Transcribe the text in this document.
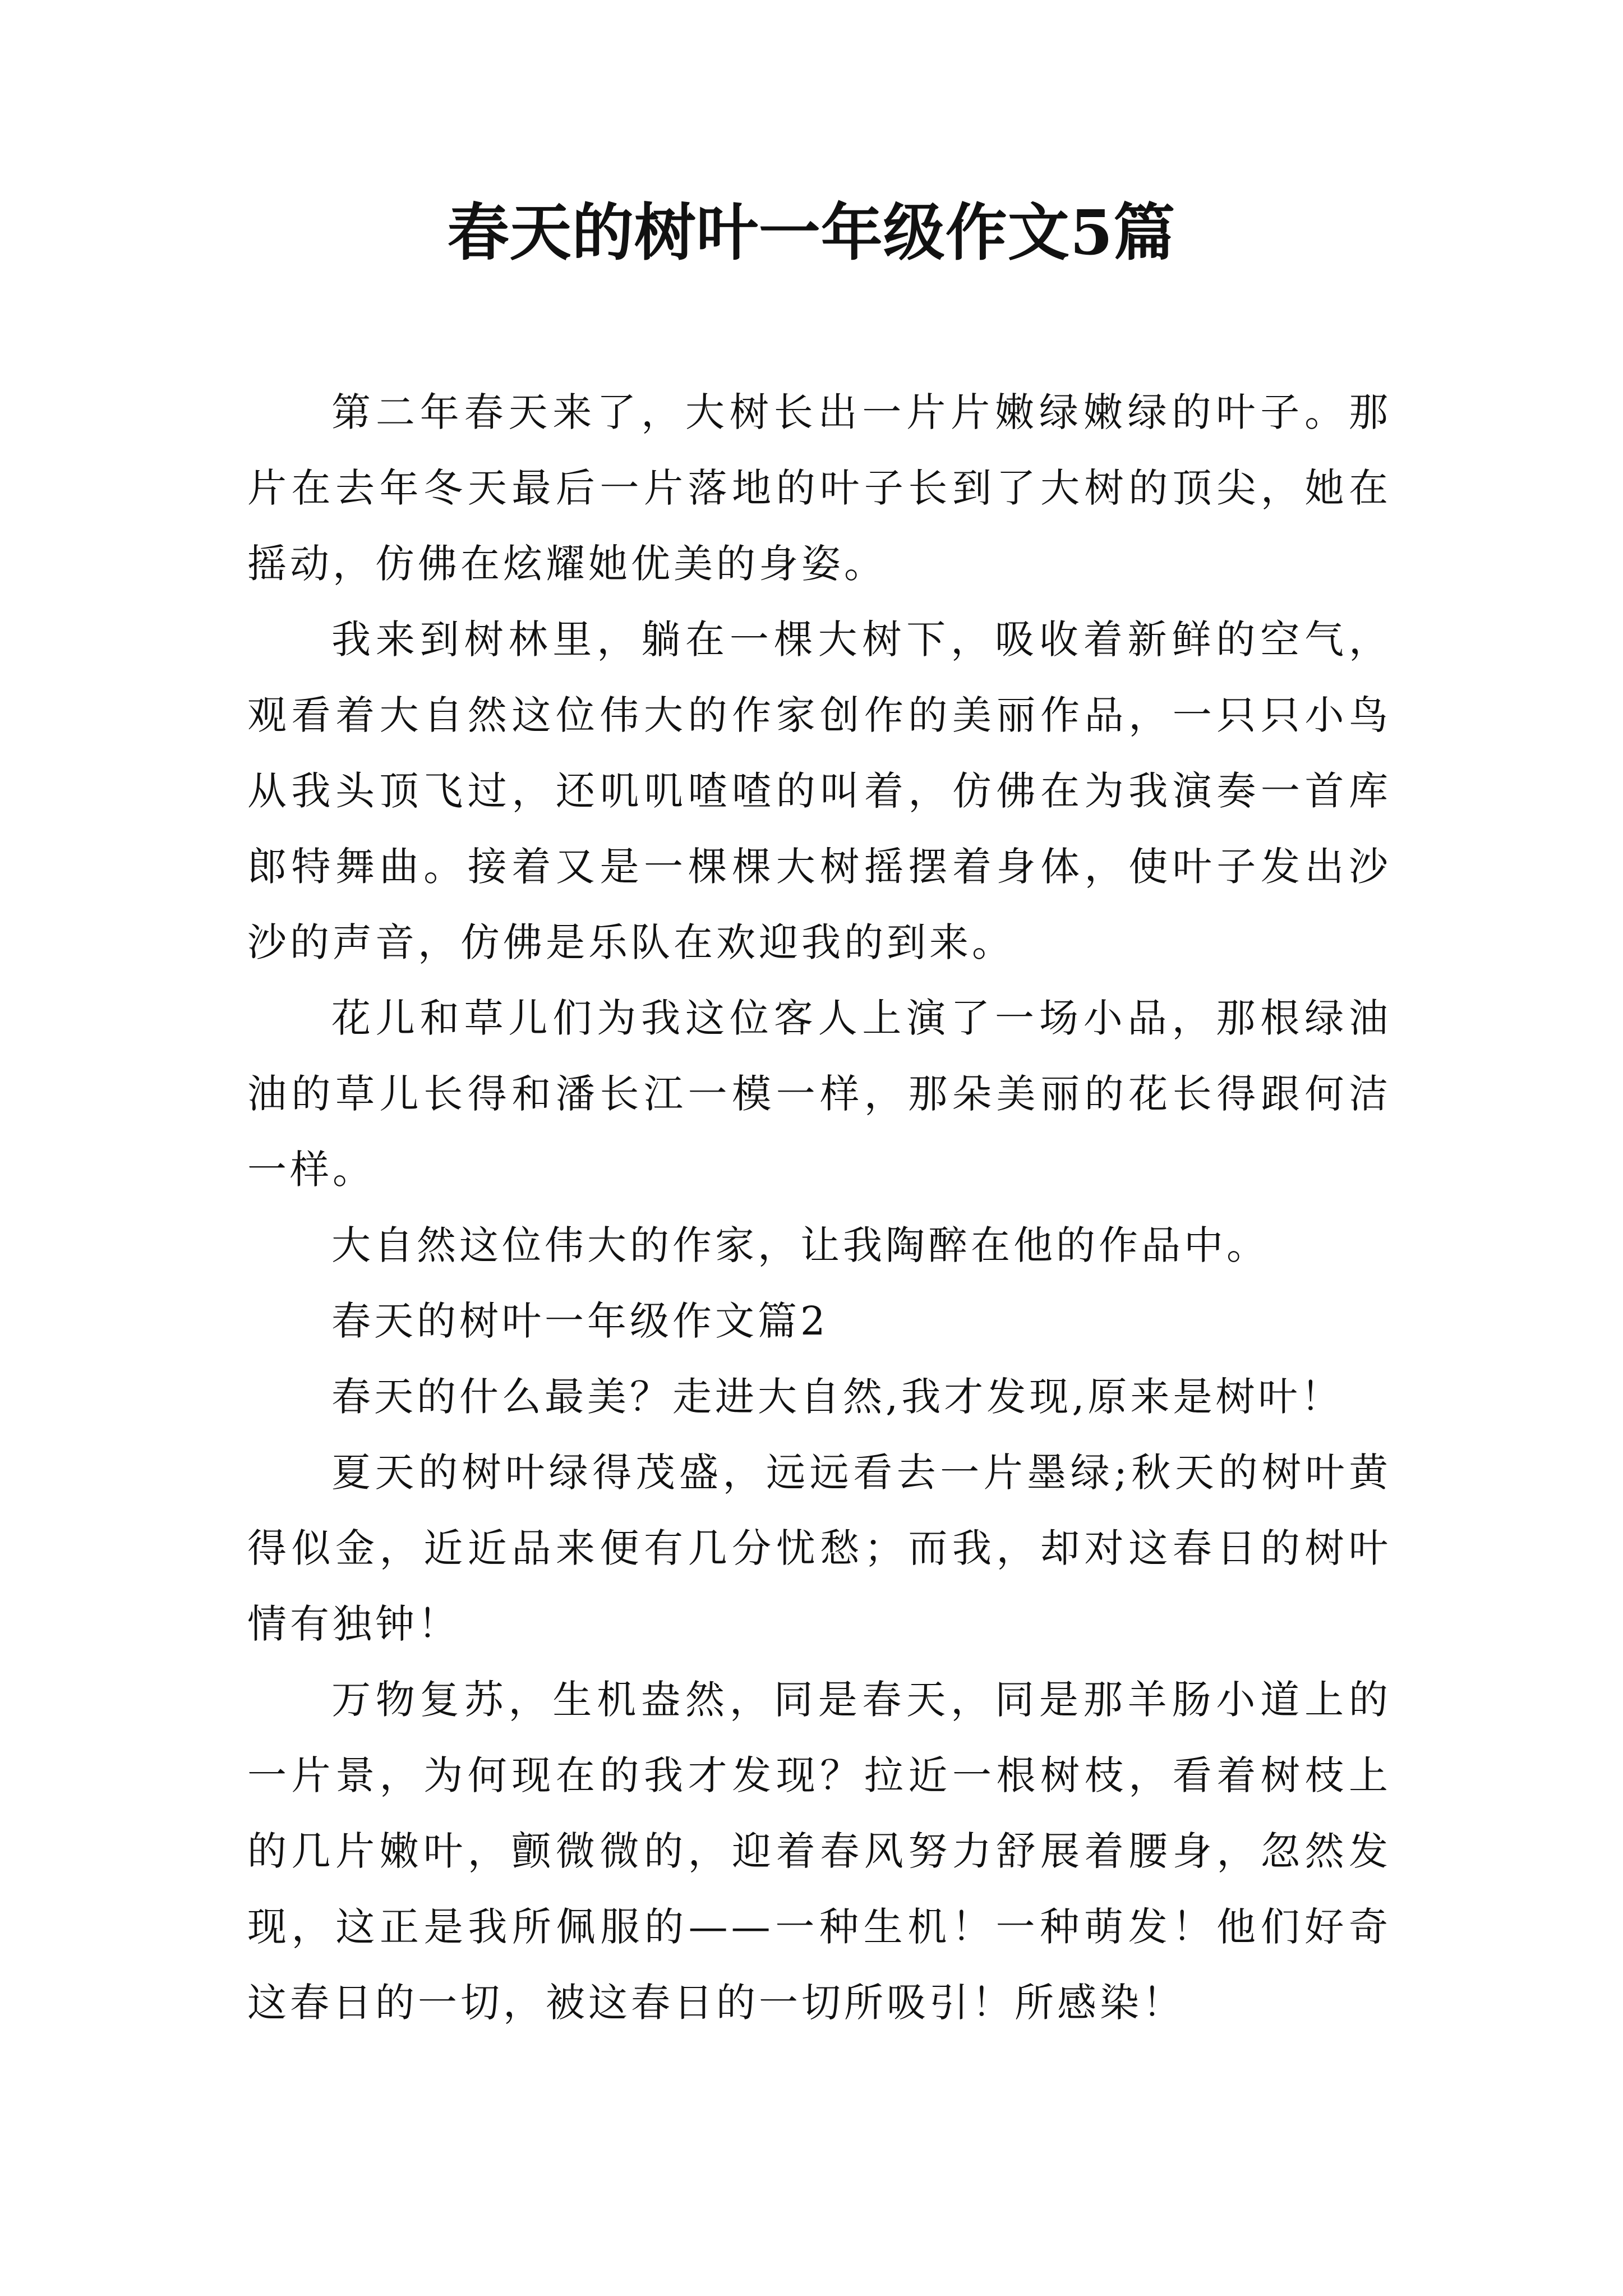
春天的树叶一年级作文5篇

第二年春天来了，大树长出一片片嫩绿嫩绿的叶子。那片在去年冬天最后一片落地的叶子长到了大树的顶尖，她在摇动，仿佛在炫耀她优美的身姿。

我来到树林里，躺在一棵大树下，吸收着新鲜的空气，观看着大自然这位伟大的作家创作的美丽作品，一只只小鸟从我头顶飞过，还叽叽喳喳的叫着，仿佛在为我演奏一首库郎特舞曲。接着又是一棵棵大树摇摆着身体，使叶子发出沙沙的声音，仿佛是乐队在欢迎我的到来。

花儿和草儿们为我这位客人上演了一场小品，那根绿油油的草儿长得和潘长江一模一样，那朵美丽的花长得跟何洁一样。

大自然这位伟大的作家，让我陶醉在他的作品中。

春天的树叶一年级作文篇2

春天的什么最美？走进大自然,我才发现,原来是树叶！

夏天的树叶绿得茂盛，远远看去一片墨绿;秋天的树叶黄得似金，近近品来便有几分忧愁；而我，却对这春日的树叶情有独钟！

万物复苏，生机盎然，同是春天，同是那羊肠小道上的一片景，为何现在的我才发现？拉近一根树枝，看着树枝上的几片嫩叶，颤微微的，迎着春风努力舒展着腰身，忽然发现，这正是我所佩服的——一种生机！一种萌发！他们好奇这春日的一切，被这春日的一切所吸引！所感染！
